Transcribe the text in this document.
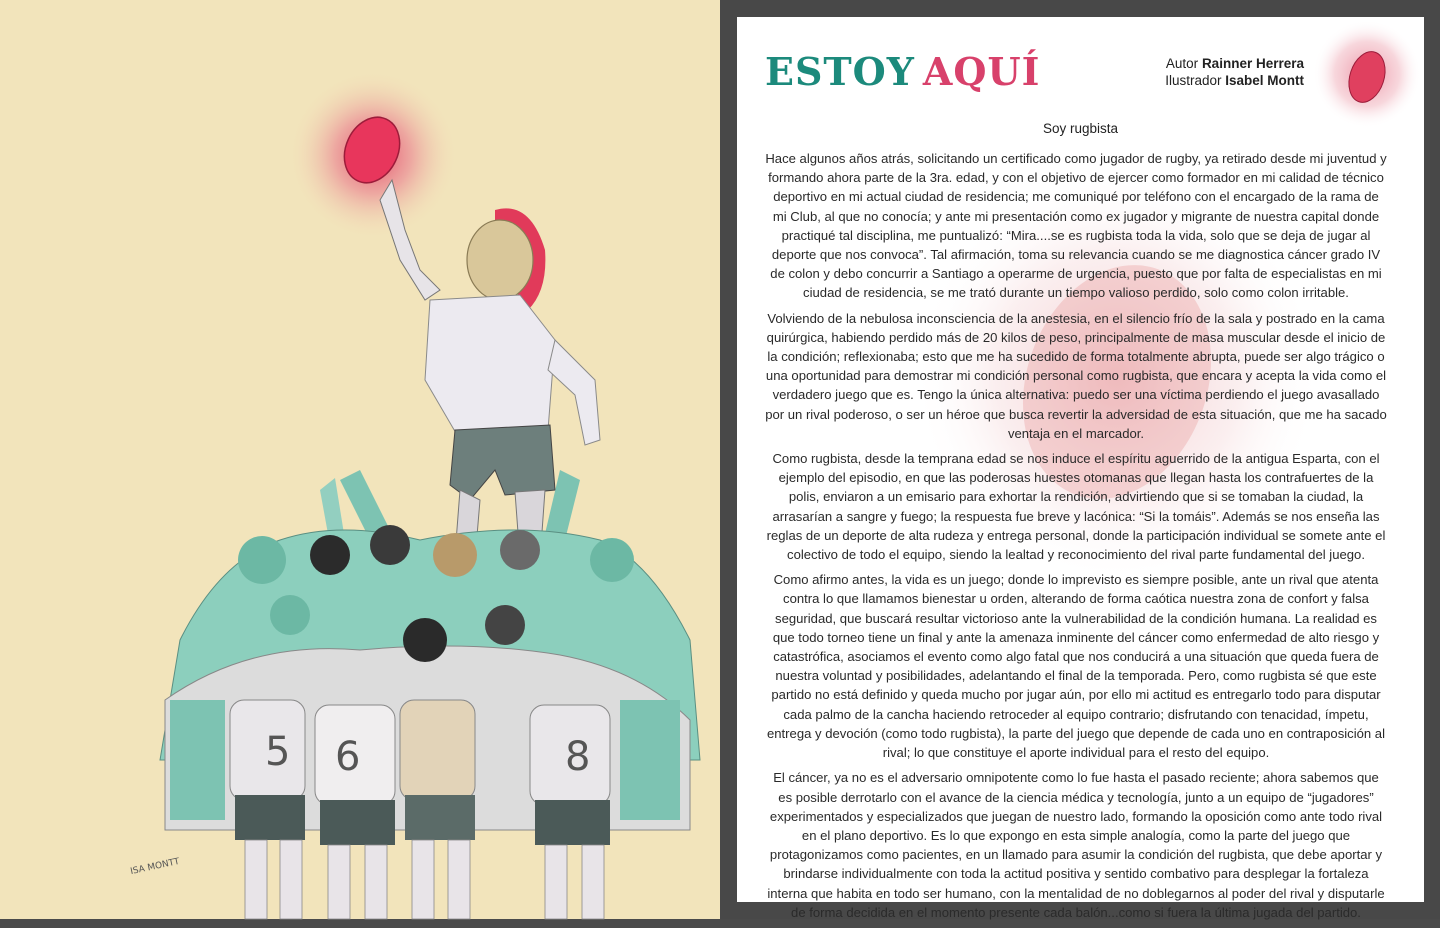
5 6	8
ISA MONTT
ESTOY AQUÍ	Autor Rainner Herrera
Ilustrador Isabel Montt
Soy rugbista

Hace algunos años atrás, solicitando un certificado como jugador de rugby, ya retirado desde mi juventud y formando ahora parte de la 3ra. edad, y con el objetivo de ejercer como formador en mi calidad de técnico deportivo en mi actual ciudad de residencia; me comuniqué por teléfono con el encargado de la rama de mi Club, al que no conocía; y ante mi presentación como ex jugador y migrante de nuestra capital donde practiqué tal disciplina, me puntualizó: “Mira....se es rugbista toda la vida, solo que se deja de jugar al deporte que nos convoca”. Tal afirmación, toma su relevancia cuando se me diagnostica cáncer grado IV de colon y debo concurrir a Santiago a operarme de urgencia, puesto que por falta de especialistas en mi ciudad de residencia, se me trató durante un tiempo valioso perdido, solo como colon irritable.

Volviendo de la nebulosa inconsciencia de la anestesia, en el silencio frío de la sala y postrado en la cama quirúrgica, habiendo perdido más de 20 kilos de peso, principalmente de masa muscular desde el inicio de la condición; reflexionaba; esto que me ha sucedido de forma totalmente abrupta, puede ser algo trágico o una oportunidad para demostrar mi condición personal como rugbista, que encara y acepta la vida como el verdadero juego que es. Tengo la única alternativa: puedo ser una víctima perdiendo el juego avasallado por un rival poderoso, o ser un héroe que busca revertir la adversidad de esta situación, que me ha sacado ventaja en el marcador.

Como rugbista, desde la temprana edad se nos induce el espíritu aguerrido de la antigua Esparta, con el ejemplo del episodio, en que las poderosas huestes otomanas que llegan hasta los contrafuertes de la polis, enviaron a un emisario para exhortar la rendición, advirtiendo que si se tomaban la ciudad, la arrasarían a sangre y fuego; la respuesta fue breve y lacónica: “Si la tomáis”. Además se nos enseña las reglas de un deporte de alta rudeza y entrega personal, donde la participación individual se somete ante el colectivo de todo el equipo, siendo la lealtad y reconocimiento del rival parte fundamental del juego.

Como afirmo antes, la vida es un juego; donde lo imprevisto es siempre posible, ante un rival que atenta contra lo que llamamos bienestar u orden, alterando de forma caótica nuestra zona de confort y falsa seguridad, que buscará resultar victorioso ante la vulnerabilidad de la condición humana. La realidad es que todo torneo tiene un final y ante la amenaza inminente del cáncer como enfermedad de alto riesgo y catastrófica, asociamos el evento como algo fatal que nos conducirá a una situación que queda fuera de nuestra voluntad y posibilidades, adelantando el final de la temporada. Pero, como rugbista sé que este partido no está definido y queda mucho por jugar aún, por ello mi actitud es entregarlo todo para disputar cada palmo de la cancha haciendo retroceder al equipo contrario; disfrutando con tenacidad, ímpetu, entrega y devoción (como todo rugbista), la parte del juego que depende de cada uno en contraposición al rival; lo que constituye el aporte individual para el resto del equipo.

El cáncer, ya no es el adversario omnipotente como lo fue hasta el pasado reciente; ahora sabemos que es posible derrotarlo con el avance de la ciencia médica y tecnología, junto a un equipo de “jugadores” experimentados y especializados que juegan de nuestro lado, formando la oposición como ante todo rival en el plano deportivo. Es lo que expongo en esta simple analogía, como la parte del juego que protagonizamos como pacientes, en un llamado para asumir la condición del rugbista, que debe aportar y brindarse individualmente con toda la actitud positiva y sentido combativo para desplegar la fortaleza interna que habita en todo ser humano, con la mentalidad de no doblegarnos al poder del rival y disputarle de forma decidida en el momento presente cada balón...como si fuera la última jugada del partido.
